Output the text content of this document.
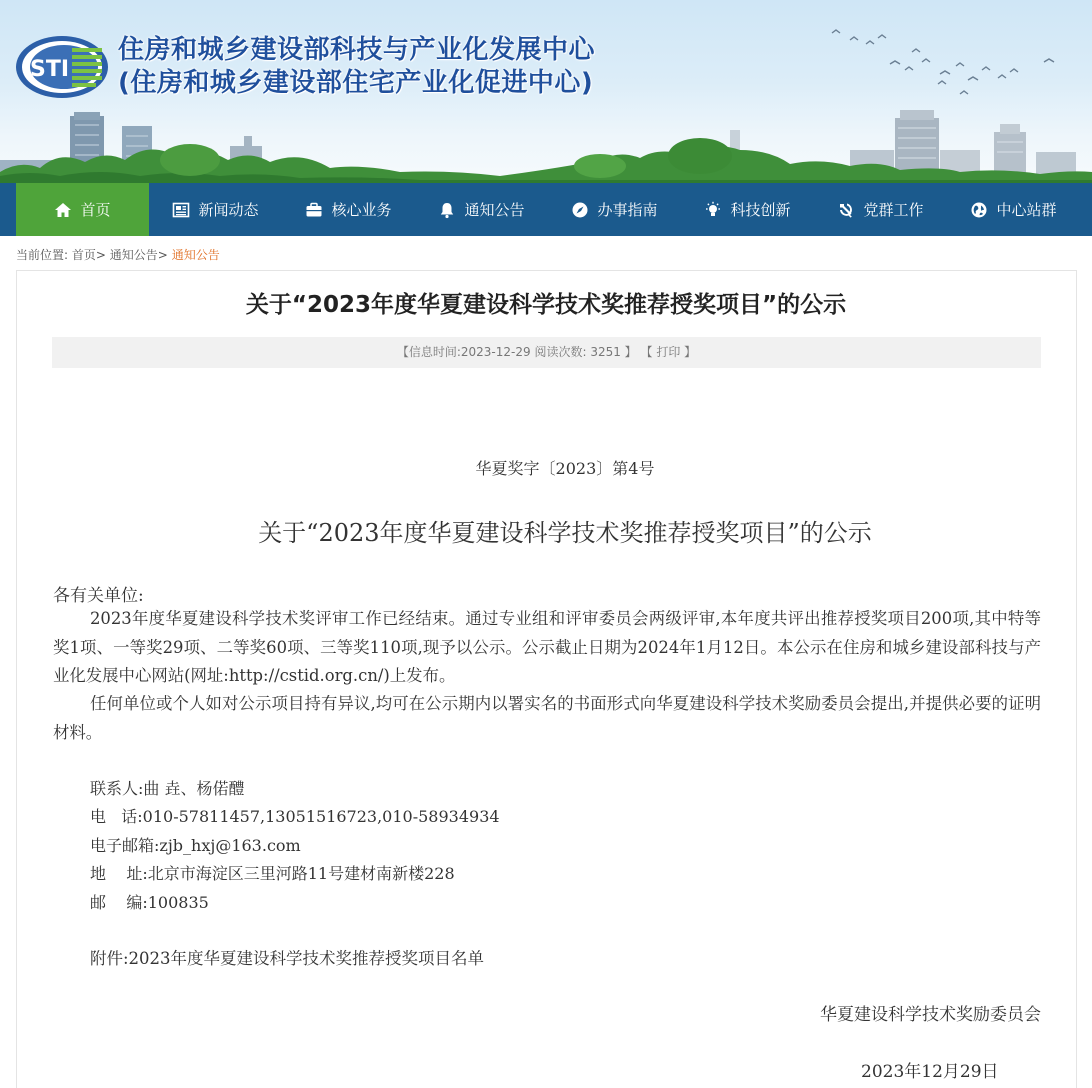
STI
住房和城乡建设部科技与产业化发展中心
(住房和城乡建设部住宅产业化促进中心)
首页	新闻动态	核心业务	通知公告	办事指南	科技创新	党群工作	中心站群
当前位置: 首页> 通知公告> 通知公告
关于“2023年度华夏建设科学技术奖推荐授奖项目”的公示
【信息时间:2023-12-29 阅读次数: 3251 】 【 打印 】
华夏奖字〔2023〕第4号
关于“2023年度华夏建设科学技术奖推荐授奖项目”的公示
各有关单位:

2023年度华夏建设科学技术奖评审工作已经结束。通过专业组和评审委员会两级评审,本年度共评出推荐授奖项目200项,其中特等奖1项、一等奖29项、二等奖60项、三等奖110项,现予以公示。公示截止日期为2024年1月12日。本公示在住房和城乡建设部科技与产业化发展中心网站(网址:http://cstid.org.cn/)上发布。

任何单位或个人如对公示项目持有异议,均可在公示期内以署实名的书面形式向华夏建设科学技术奖励委员会提出,并提供必要的证明材料。

联系人:曲 垚、杨偌醴
电   话:010-57811457,13051516723,010-58934934
电子邮箱:zjb_hxj@163.com
地    址:北京市海淀区三里河路11号建材南新楼228
邮    编:100835
附件:2023年度华夏建设科学技术奖推荐授奖项目名单
华夏建设科学技术奖励委员会
2023年12月29日
